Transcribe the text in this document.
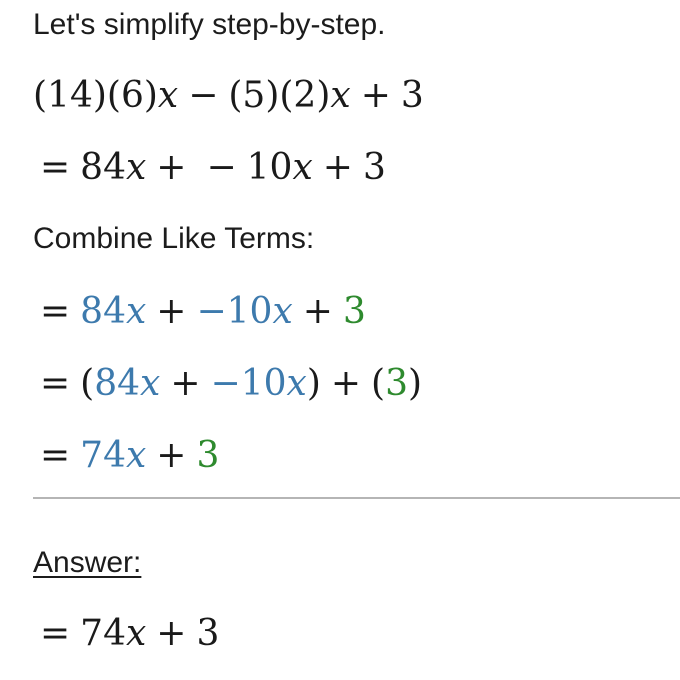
Let's simplify step-by-step.
(14)(6)x − (5)(2)x + 3
= 84x + − 10x + 3
Combine Like Terms:
= 84x + −10x + 3
= (84x + −10x) + (3)
= 74x + 3
Answer:
= 74x + 3
